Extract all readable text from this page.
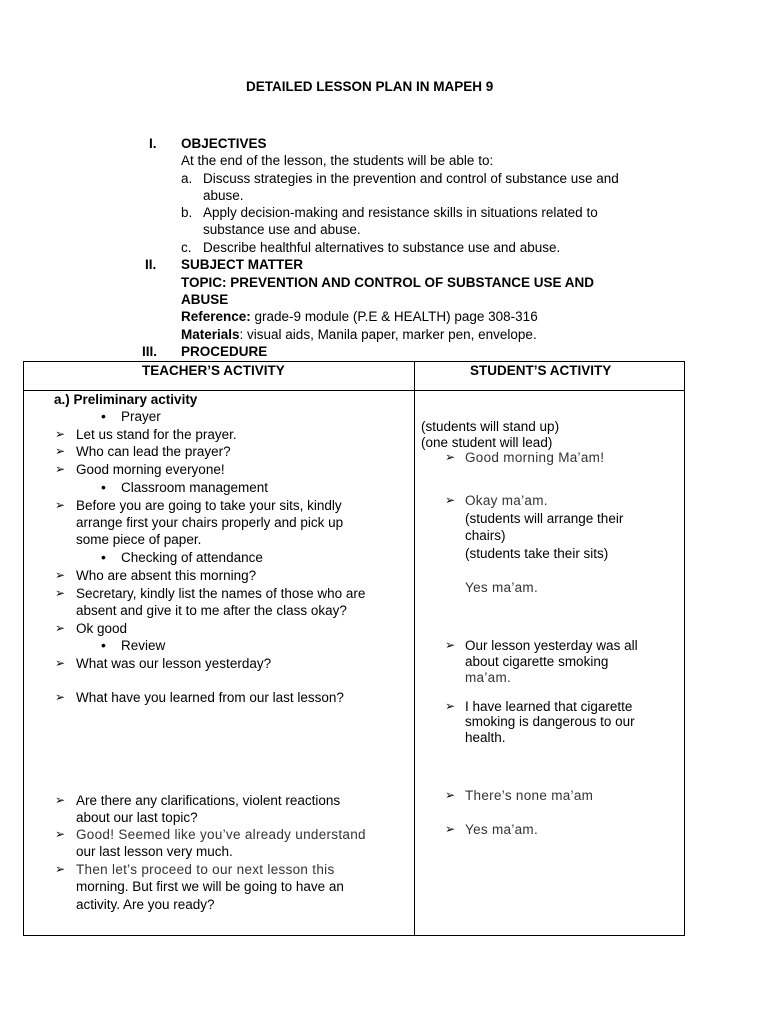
DETAILED LESSON PLAN IN MAPEH 9
I. OBJECTIVES
At the end of the lesson, the students will be able to:
a. Discuss strategies in the prevention and control of substance use and
abuse.
b. Apply decision-making and resistance skills in situations related to
substance use and abuse.
c. Describe healthful alternatives to substance use and abuse.
II. SUBJECT MATTER
TOPIC: PREVENTION AND CONTROL OF SUBSTANCE USE AND
ABUSE
Reference: grade-9 module (P.E & HEALTH) page 308-316
Materials: visual aids, Manila paper, marker pen, envelope.
III. PROCEDURE
TEACHER’S ACTIVITY	STUDENT’S ACTIVITY
a.) Preliminary activity
• Prayer
➢ Let us stand for the prayer.
➢ Who can lead the prayer?
➢ Good morning everyone!
• Classroom management
➢ Before you are going to take your sits, kindly
arrange first your chairs properly and pick up
some piece of paper.
• Checking of attendance
➢ Who are absent this morning?
➢ Secretary, kindly list the names of those who are
absent and give it to me after the class okay?
➢ Ok good
• Review
➢ What was our lesson yesterday?
➢ What have you learned from our last lesson?
➢ Are there any clarifications, violent reactions
about our last topic?
➢ Good! Seemed like you’ve already understand
our last lesson very much.
➢ Then let’s proceed to our next lesson this
morning. But first we will be going to have an
activity. Are you ready?
(students will stand up)
(one student will lead)
➢ Good morning Ma’am!
➢ Okay ma’am.
(students will arrange their
chairs)
(students take their sits)
Yes ma’am.
➢ Our lesson yesterday was all
about cigarette smoking
ma’am.
➢ I have learned that cigarette
smoking is dangerous to our
health.
➢ There’s none ma’am
➢ Yes ma’am.
